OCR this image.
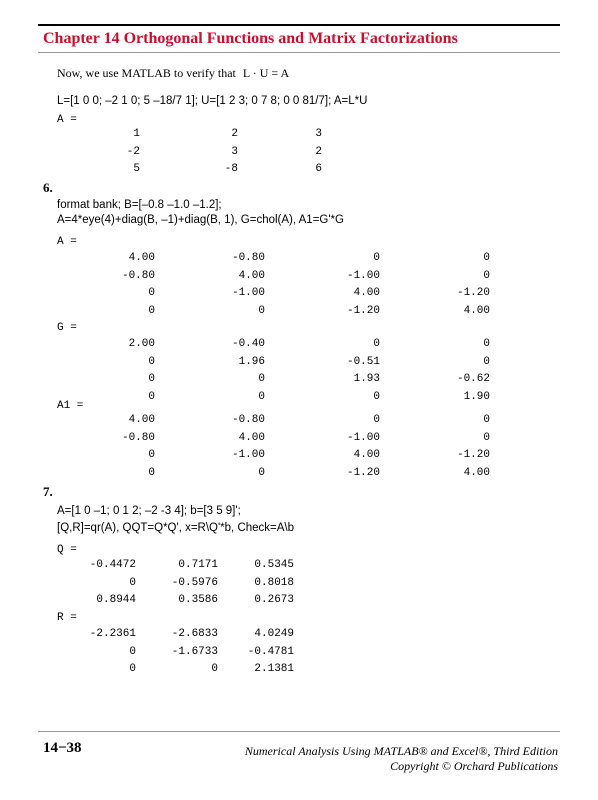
Chapter 14 Orthogonal Functions and Matrix Factorizations
Now, we use MATLAB to verify that L · U = A
L=[1 0 0; –2 1 0; 5 –18/7 1]; U=[1 2 3; 0 7 8; 0 0 81/7]; A=L*U
6.
format bank; B=[–0.8 –1.0 –1.2];
A=4*eye(4)+diag(B, –1)+diag(B, 1), G=chol(A), A1=G'*G
7.
A=[1 0 –1; 0 1 2; –2 -3 4]; b=[3 5 9]';
[Q,R]=qr(A), QQT=Q*Q', x=R\Q'*b, Check=A\b
A =
1	2	3
-2	3	2
5	-8	6
A =
4.00	-0.80	0	0
-0.80	4.00	-1.00	0
0	-1.00	4.00	-1.20
0	0	-1.20	4.00
G =
2.00	-0.40	0	0
0	1.96	-0.51	0
0	0	1.93	-0.62
0	0	0	1.90
A1 =
4.00	-0.80	0	0
-0.80	4.00	-1.00	0
0	-1.00	4.00	-1.20
0	0	-1.20	4.00
Q =
-0.4472	0.7171	0.5345
0	-0.5976	0.8018
0.8944	0.3586	0.2673
R =
-2.2361	-2.6833	4.0249
0	-1.6733	-0.4781
0	0	2.1381
14−38	Numerical Analysis Using MATLAB® and Excel®, Third Edition
Copyright © Orchard Publications
